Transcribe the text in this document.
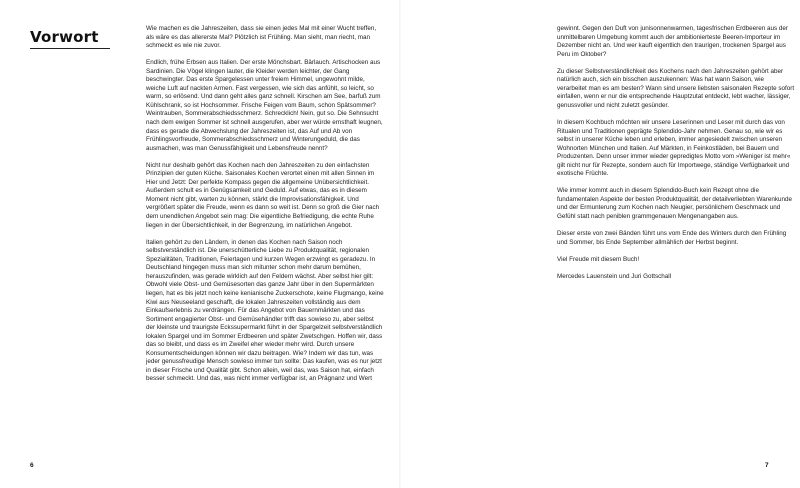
Vorwort	Wie machen es die Jahreszeiten, dass sie einen jedes Mal mit einer Wucht treffen, als wäre es das allererste Mal? Plötzlich ist Frühling. Man sieht, man riecht, man schmeckt es wie nie zuvor.

Endlich, frühe Erbsen aus Italien. Der erste Mönchsbart. Bärlauch. Artischocken aus Sardinien. Die Vögel klingen lauter, die Kleider werden leichter, der Gang beschwingter. Das erste Spargelessen unter freiem Himmel, ungewohnt milde, weiche Luft auf nackten Armen. Fast vergessen, wie sich das anfühlt, so leicht, so warm, so erlösend. Und dann geht alles ganz schnell. Kirschen am See, barfuß zum Kühlschrank, so ist Hochsommer. Frische Feigen vom Baum, schon Spätsommer? Weintrauben, Sommerabschiedsschmerz. Schrecklich! Nein, gut so. Die Sehnsucht nach dem ewigen Sommer ist schnell ausgerufen, aber wer würde ernsthaft leugnen, dass es gerade die Abwechslung der Jahreszeiten ist, das Auf und Ab von Frühlingsvorfreude, Sommerabschiedsschmerz und Winterungeduld, die das ausmachen, was man Genussfähigkeit und Lebensfreude nennt?

Nicht nur deshalb gehört das Kochen nach den Jahreszeiten zu den einfachsten Prinzipien der guten Küche. Saisonales Kochen verortet einen mit allen Sinnen im Hier und Jetzt: Der perfekte Kompass gegen die allgemeine Unübersichtlichkeit. Außerdem schult es in Genügsamkeit und Geduld. Auf etwas, das es in diesem Moment nicht gibt, warten zu können, stärkt die Improvisationsfähigkeit. Und vergrößert später die Freude, wenn es dann so weit ist. Denn so groß die Gier nach dem unendlichen Angebot sein mag: Die eigentliche Befriedigung, die echte Ruhe liegen in der Übersichtlichkeit, in der Begrenzung, im natürlichen Angebot.

Italien gehört zu den Ländern, in denen das Kochen nach Saison noch selbstverständlich ist. Die unerschütterliche Liebe zu Produktqualität, regionalen Spezialitäten, Traditionen, Feiertagen und kurzen Wegen erzwingt es geradezu. In Deutschland hingegen muss man sich mitunter schon mehr darum bemühen, herauszufinden, was gerade wirklich auf den Feldern wächst. Aber selbst hier gilt: Obwohl viele Obst- und Gemüsesorten das ganze Jahr über in den Supermärkten liegen, hat es bis jetzt noch keine kenianische Zuckerschote, keine Flugmango, keine Kiwi aus Neuseeland geschafft, die lokalen Jahreszeiten vollständig aus dem Einkaufserlebnis zu verdrängen. Für das Angebot von Bauernmärkten und das Sortiment engagierter Obst- und Gemüsehändler trifft das sowieso zu, aber selbst der kleinste und traurigste Eckssupermarkt führt in der Spargelzeit selbstverständlich lokalen Spargel und im Sommer Erdbeeren und später Zwetschgen. Hoffen wir, dass das so bleibt, und dass es im Zweifel eher wieder mehr wird. Durch unsere Konsumentscheidungen können wir dazu beitragen. Wie? Indem wir das tun, was jeder genussfreudige Mensch sowieso immer tun sollte: Das kaufen, was es nur jetzt in dieser Frische und Qualität gibt. Schon allein, weil das, was Saison hat, einfach besser schmeckt. Und das, was nicht immer verfügbar ist, an Prägnanz und Wert

gewinnt. Gegen den Duft von junisonnenwarmen, tagesfrischen Erdbeeren aus der unmittelbaren Umgebung kommt auch der ambitionierteste Beeren-Importeur im Dezember nicht an. Und wer kauft eigentlich den traurigen, trockenen Spargel aus Peru im Oktober?

Zu dieser Selbstverständlichkeit des Kochens nach den Jahreszeiten gehört aber natürlich auch, sich ein bisschen auszukennen: Was hat wann Saison, wie verarbeitet man es am besten? Wann sind unsere liebsten saisonalen Rezepte sofort einfallen, wenn er nur die entsprechende Hauptzutat entdeckt, lebt wacher, lässiger, genussvoller und nicht zuletzt gesünder.

In diesem Kochbuch möchten wir unsere Leserinnen und Leser mit durch das von Ritualen und Traditionen geprägte Splendido-Jahr nehmen. Genau so, wie wir es selbst in unserer Küche leben und erleben, immer angesiedelt zwischen unseren Wohnorten München und Italien. Auf Märkten, in Feinkostläden, bei Bauern und Produzenten. Denn unser immer wieder gepredigtes Motto vom »Weniger ist mehr« gilt nicht nur für Rezepte, sondern auch für Importwege, ständige Verfügbarkeit und exotische Früchte.

Wie immer kommt auch in diesem Splendido-Buch kein Rezept ohne die fundamentalen Aspekte der besten Produktqualität, der detailverliebten Warenkunde und der Ermunterung zum Kochen nach Neugier, persönlichem Geschmack und Gefühl statt nach peniblen grammgenauen Mengenangaben aus.

Dieser erste von zwei Bänden führt uns vom Ende des Winters durch den Frühling und Sommer, bis Ende September allmählich der Herbst beginnt.

Viel Freude mit diesem Buch!

Mercedes Lauenstein und Juri Gottschall

6	7
